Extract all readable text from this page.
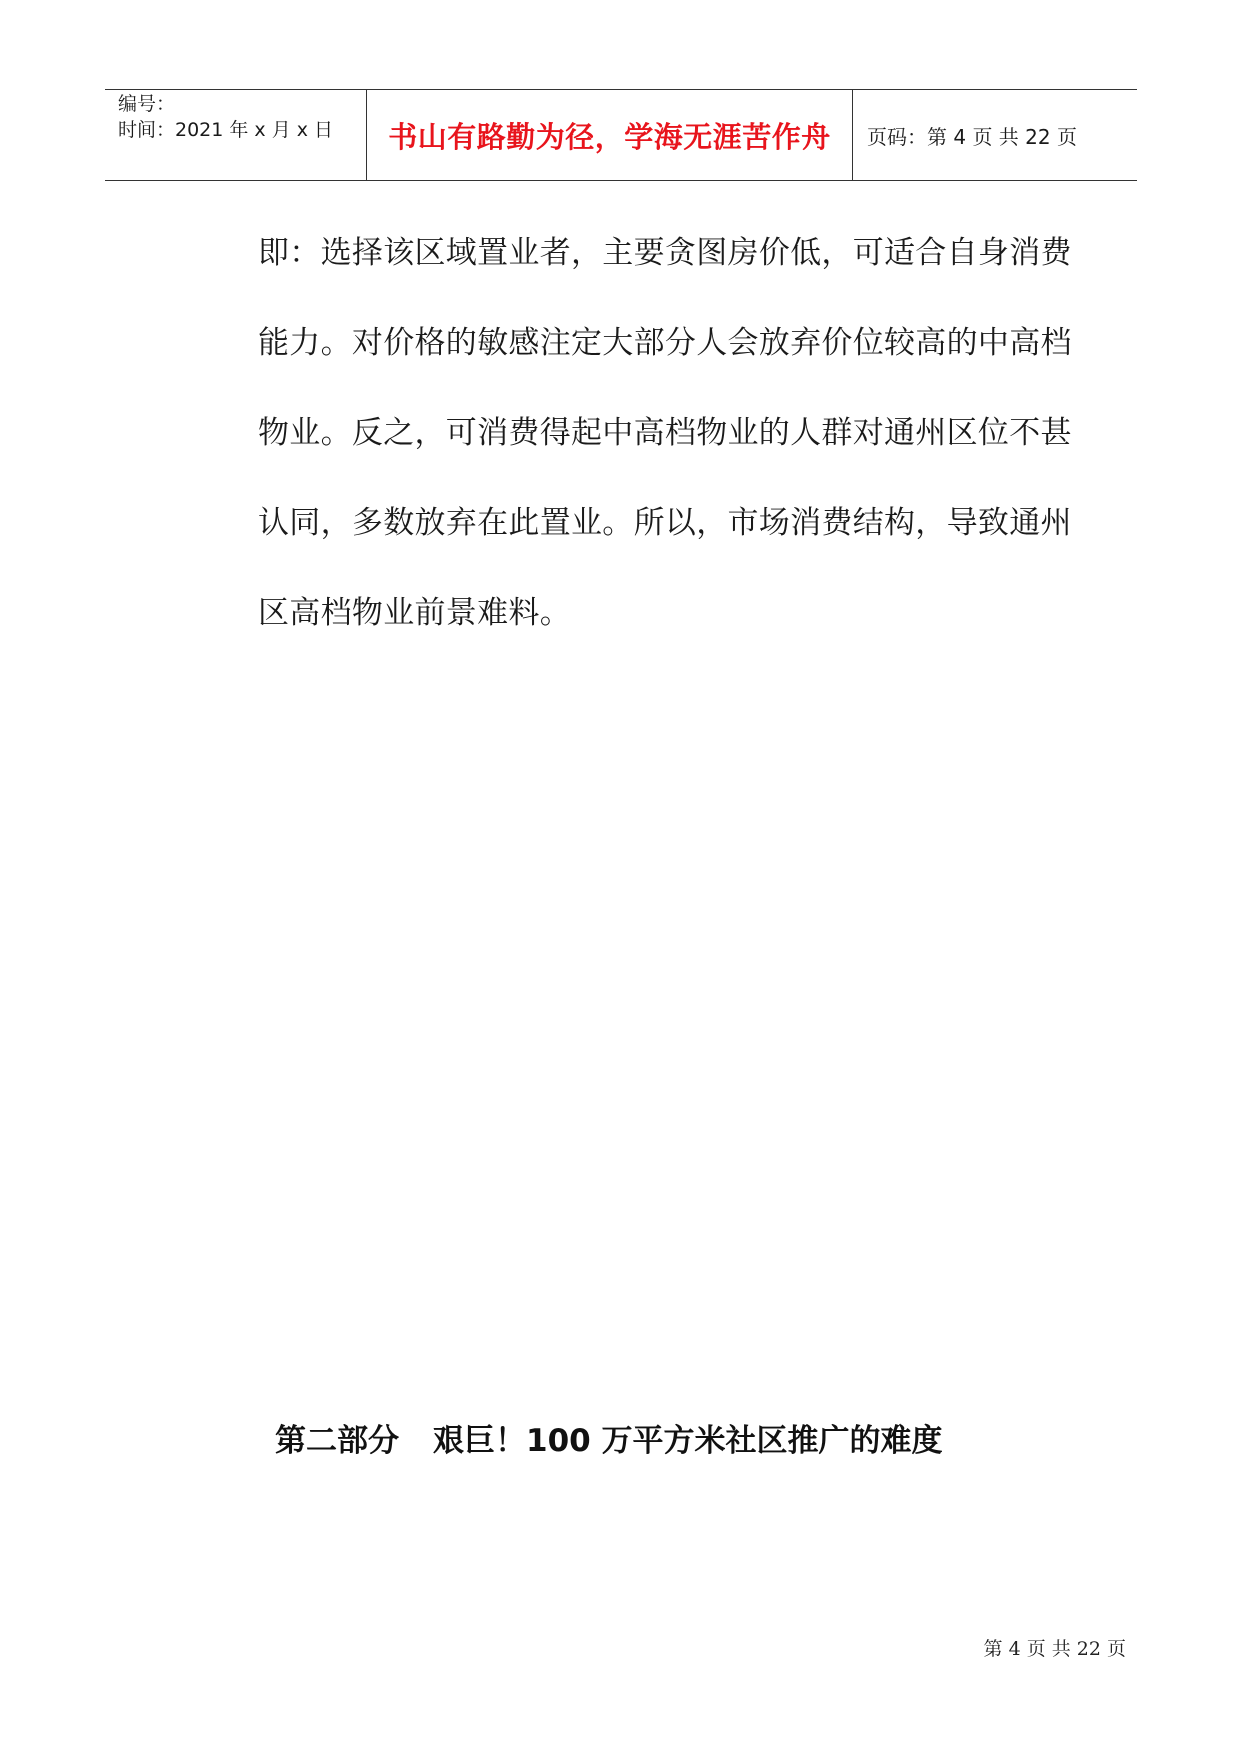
编号：
时间：2021 年 x 月 x 日	书山有路勤为径，学海无涯苦作舟	页码：第 4 页 共 22 页
即：选择该区域置业者，主要贪图房价低，可适合自身消费
能力。对价格的敏感注定大部分人会放弃价位较高的中高档
物业。反之，可消费得起中高档物业的人群对通州区位不甚
认同，多数放弃在此置业。所以，市场消费结构，导致通州
区高档物业前景难料。
第二部分 艰巨！100 万平方米社区推广的难度
第 4 页 共 22 页
